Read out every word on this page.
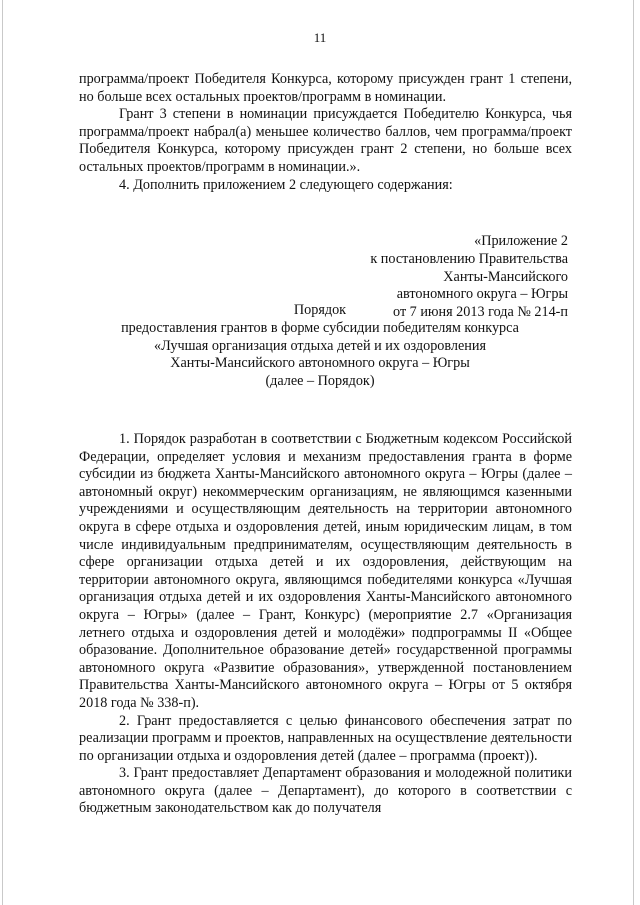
11

программа/проект Победителя Конкурса, которому присужден грант 1 степени, но больше всех остальных проектов/программ в номинации.

Грант 3 степени в номинации присуждается Победителю Конкурса, чья программа/проект набрал(а) меньшее количество баллов, чем программа/проект Победителя Конкурса, которому присужден грант 2 степени, но больше всех остальных проектов/программ в номинации.».

4. Дополнить приложением 2 следующего содержания:

«Приложение 2
к постановлению Правительства
Ханты-Мансийского
автономного округа – Югры
от 7 июня 2013 года № 214-п
Порядок
предоставления грантов в форме субсидии победителям конкурса
«Лучшая организация отдыха детей и их оздоровления
Ханты-Мансийского автономного округа – Югры
(далее – Порядок)

1. Порядок разработан в соответствии с Бюджетным кодексом Российской Федерации, определяет условия и механизм предоставления гранта в форме субсидии из бюджета Ханты-Мансийского автономного округа – Югры (далее – автономный округ) некоммерческим организациям, не являющимся казенными учреждениями и осуществляющим деятельность на территории автономного округа в сфере отдыха и оздоровления детей, иным юридическим лицам, в том числе индивидуальным предпринимателям, осуществляющим деятельность в сфере организации отдыха детей и их оздоровления, действующим на территории автономного округа, являющимся победителями конкурса «Лучшая организация отдыха детей и их оздоровления Ханты-Мансийского автономного округа – Югры» (далее – Грант, Конкурс) (мероприятие 2.7 «Организация летнего отдыха и оздоровления детей и молодёжи» подпрограммы II «Общее образование. Дополнительное образование детей» государственной программы автономного округа «Развитие образования», утвержденной постановлением Правительства Ханты-Мансийского автономного округа – Югры от 5 октября 2018 года № 338-п).

2. Грант предоставляется с целью финансового обеспечения затрат по реализации программ и проектов, направленных на осуществление деятельности по организации отдыха и оздоровления детей (далее – программа (проект)).

3. Грант предоставляет Департамент образования и молодежной политики автономного округа (далее – Департамент), до которого в соответствии с бюджетным законодательством как до получателя
